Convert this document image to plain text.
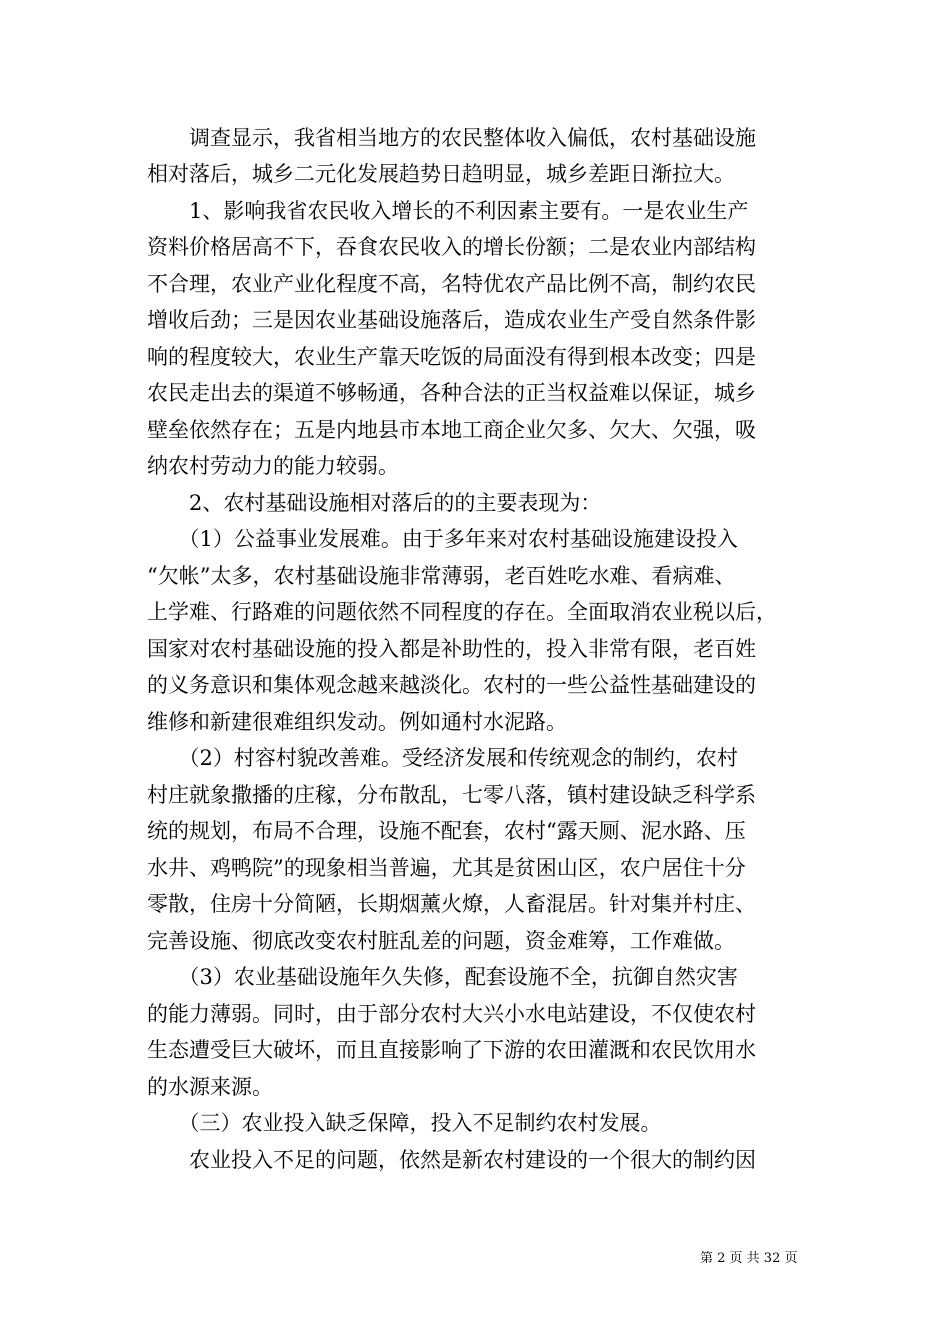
　　调查显示，我省相当地方的农民整体收入偏低，农村基础设施
相对落后，城乡二元化发展趋势日趋明显，城乡差距日渐拉大。
　　1、影响我省农民收入增长的不利因素主要有。一是农业生产
资料价格居高不下，吞食农民收入的增长份额；二是农业内部结构
不合理，农业产业化程度不高，名特优农产品比例不高，制约农民
增收后劲；三是因农业基础设施落后，造成农业生产受自然条件影
响的程度较大，农业生产靠天吃饭的局面没有得到根本改变；四是
农民走出去的渠道不够畅通，各种合法的正当权益难以保证，城乡
壁垒依然存在；五是内地县市本地工商企业欠多、欠大、欠强，吸
纳农村劳动力的能力较弱。
　　2、农村基础设施相对落后的的主要表现为：
　　（1）公益事业发展难。由于多年来对农村基础设施建设投入
“欠帐”太多，农村基础设施非常薄弱，老百姓吃水难、看病难、
上学难、行路难的问题依然不同程度的存在。全面取消农业税以后，
国家对农村基础设施的投入都是补助性的，投入非常有限，老百姓
的义务意识和集体观念越来越淡化。农村的一些公益性基础建设的
维修和新建很难组织发动。例如通村水泥路。
　　（2）村容村貌改善难。受经济发展和传统观念的制约，农村
村庄就象撒播的庄稼，分布散乱，七零八落，镇村建设缺乏科学系
统的规划，布局不合理，设施不配套，农村“露天厕、泥水路、压
水井、鸡鸭院”的现象相当普遍，尤其是贫困山区，农户居住十分
零散，住房十分简陋，长期烟薰火燎，人畜混居。针对集并村庄、
完善设施、彻底改变农村脏乱差的问题，资金难筹，工作难做。
　　（3）农业基础设施年久失修，配套设施不全，抗御自然灾害
的能力薄弱。同时，由于部分农村大兴小水电站建设，不仅使农村
生态遭受巨大破坏，而且直接影响了下游的农田灌溉和农民饮用水
的水源来源。
　　（三）农业投入缺乏保障，投入不足制约农村发展。
　　农业投入不足的问题，依然是新农村建设的一个很大的制约因
第 2 页 共 32 页
